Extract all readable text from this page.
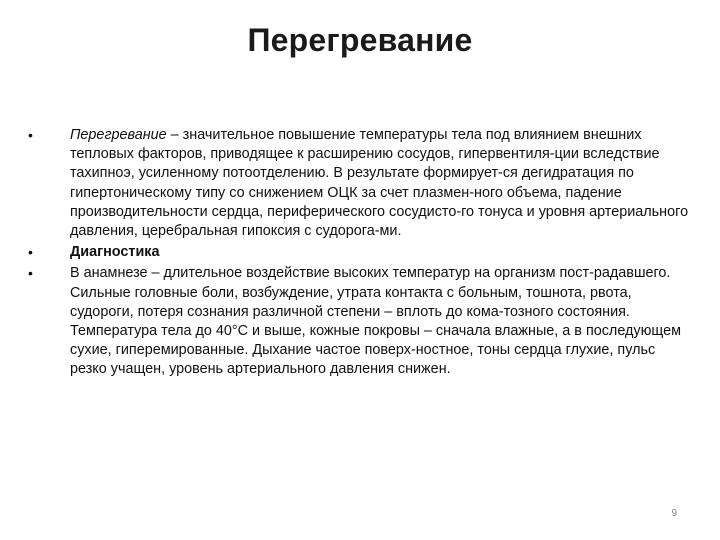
Перегревание
•	Перегревание – значительное повышение температуры тела под влиянием внешних тепловых факторов, приводящее к расширению сосудов, гипервентиля-ции вследствие тахипноэ, усиленному потоотделению. В результате формирует-ся дегидратация по гипертоническому типу со снижением ОЦК за счет плазмен-ного объема, падение производительности сердца, периферического сосудисто-го тонуса и уровня артериального давления, церебральная гипоксия с судорога-ми.
•	Диагностика
•	В анамнезе – длительное воздействие высоких температур на организм пост-радавшего. Сильные головные боли, возбуждение, утрата контакта с больным, тошнота, рвота, судороги, потеря сознания различной степени – вплоть до кома-тозного состояния. Температура тела до 40°С и выше, кожные покровы – сначала влажные, а в последующем сухие, гиперемированные. Дыхание частое поверх-ностное, тоны сердца глухие, пульс резко учащен, уровень артериального давления снижен.
9
